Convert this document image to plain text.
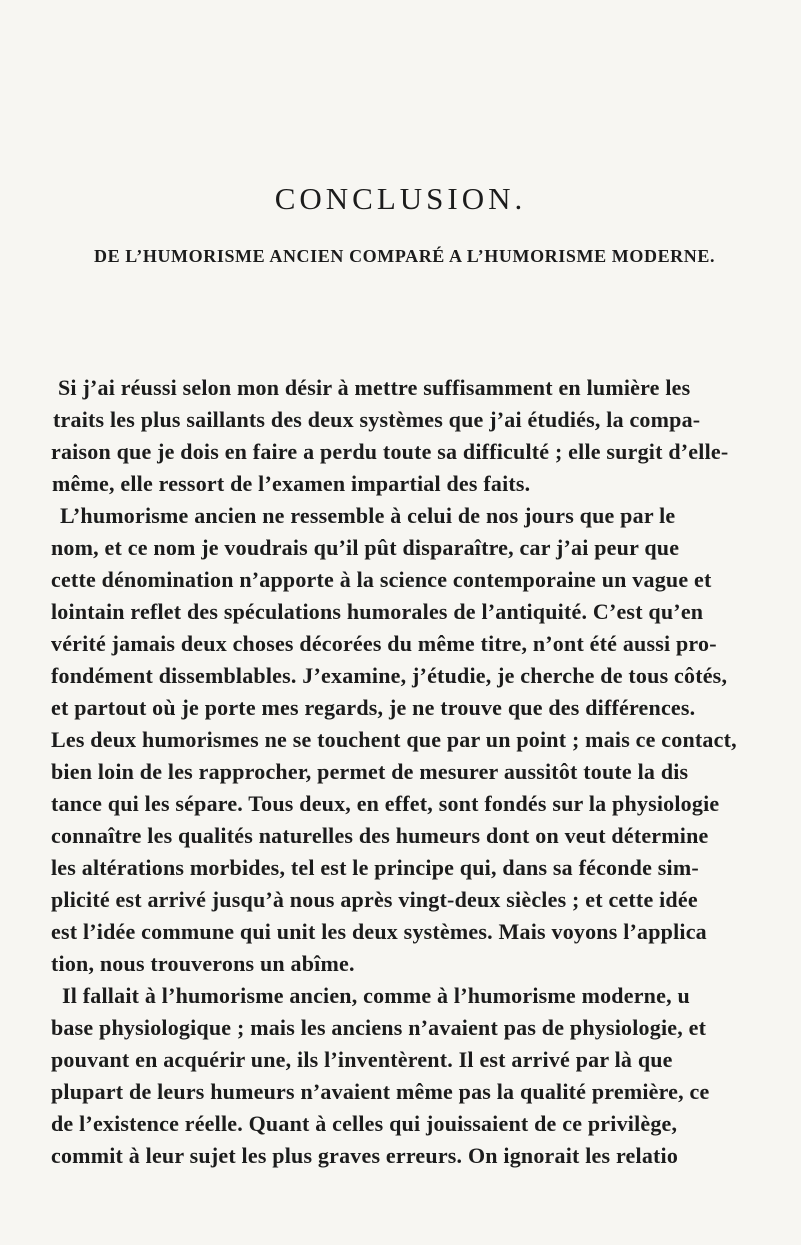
CONCLUSION.
DE L’HUMORISME ANCIEN COMPARÉ A L’HUMORISME MODERNE.
Si j’ai réussi selon mon désir à mettre suffisamment en lumière les
traits les plus saillants des deux systèmes que j’ai étudiés, la compa-
raison que je dois en faire a perdu toute sa difficulté ; elle surgit d’elle-
même, elle ressort de l’examen impartial des faits.
L’humorisme ancien ne ressemble à celui de nos jours que par le
nom, et ce nom je voudrais qu’il pût disparaître, car j’ai peur que
cette dénomination n’apporte à la science contemporaine un vague et
lointain reflet des spéculations humorales de l’antiquité. C’est qu’en
vérité jamais deux choses décorées du même titre, n’ont été aussi pro-
fondément dissemblables. J’examine, j’étudie, je cherche de tous côtés,
et partout où je porte mes regards, je ne trouve que des différences.
Les deux humorismes ne se touchent que par un point ; mais ce contact,
bien loin de les rapprocher, permet de mesurer aussitôt toute la dis
tance qui les sépare. Tous deux, en effet, sont fondés sur la physiologie
connaître les qualités naturelles des humeurs dont on veut détermine
les altérations morbides, tel est le principe qui, dans sa féconde sim-
plicité est arrivé jusqu’à nous après vingt-deux siècles ; et cette idée
est l’idée commune qui unit les deux systèmes. Mais voyons l’applica
tion, nous trouverons un abîme.
Il fallait à l’humorisme ancien, comme à l’humorisme moderne, u
base physiologique ; mais les anciens n’avaient pas de physiologie, et
pouvant en acquérir une, ils l’inventèrent. Il est arrivé par là que
plupart de leurs humeurs n’avaient même pas la qualité première, ce
de l’existence réelle. Quant à celles qui jouissaient de ce privilège,
commit à leur sujet les plus graves erreurs. On ignorait les relatio
